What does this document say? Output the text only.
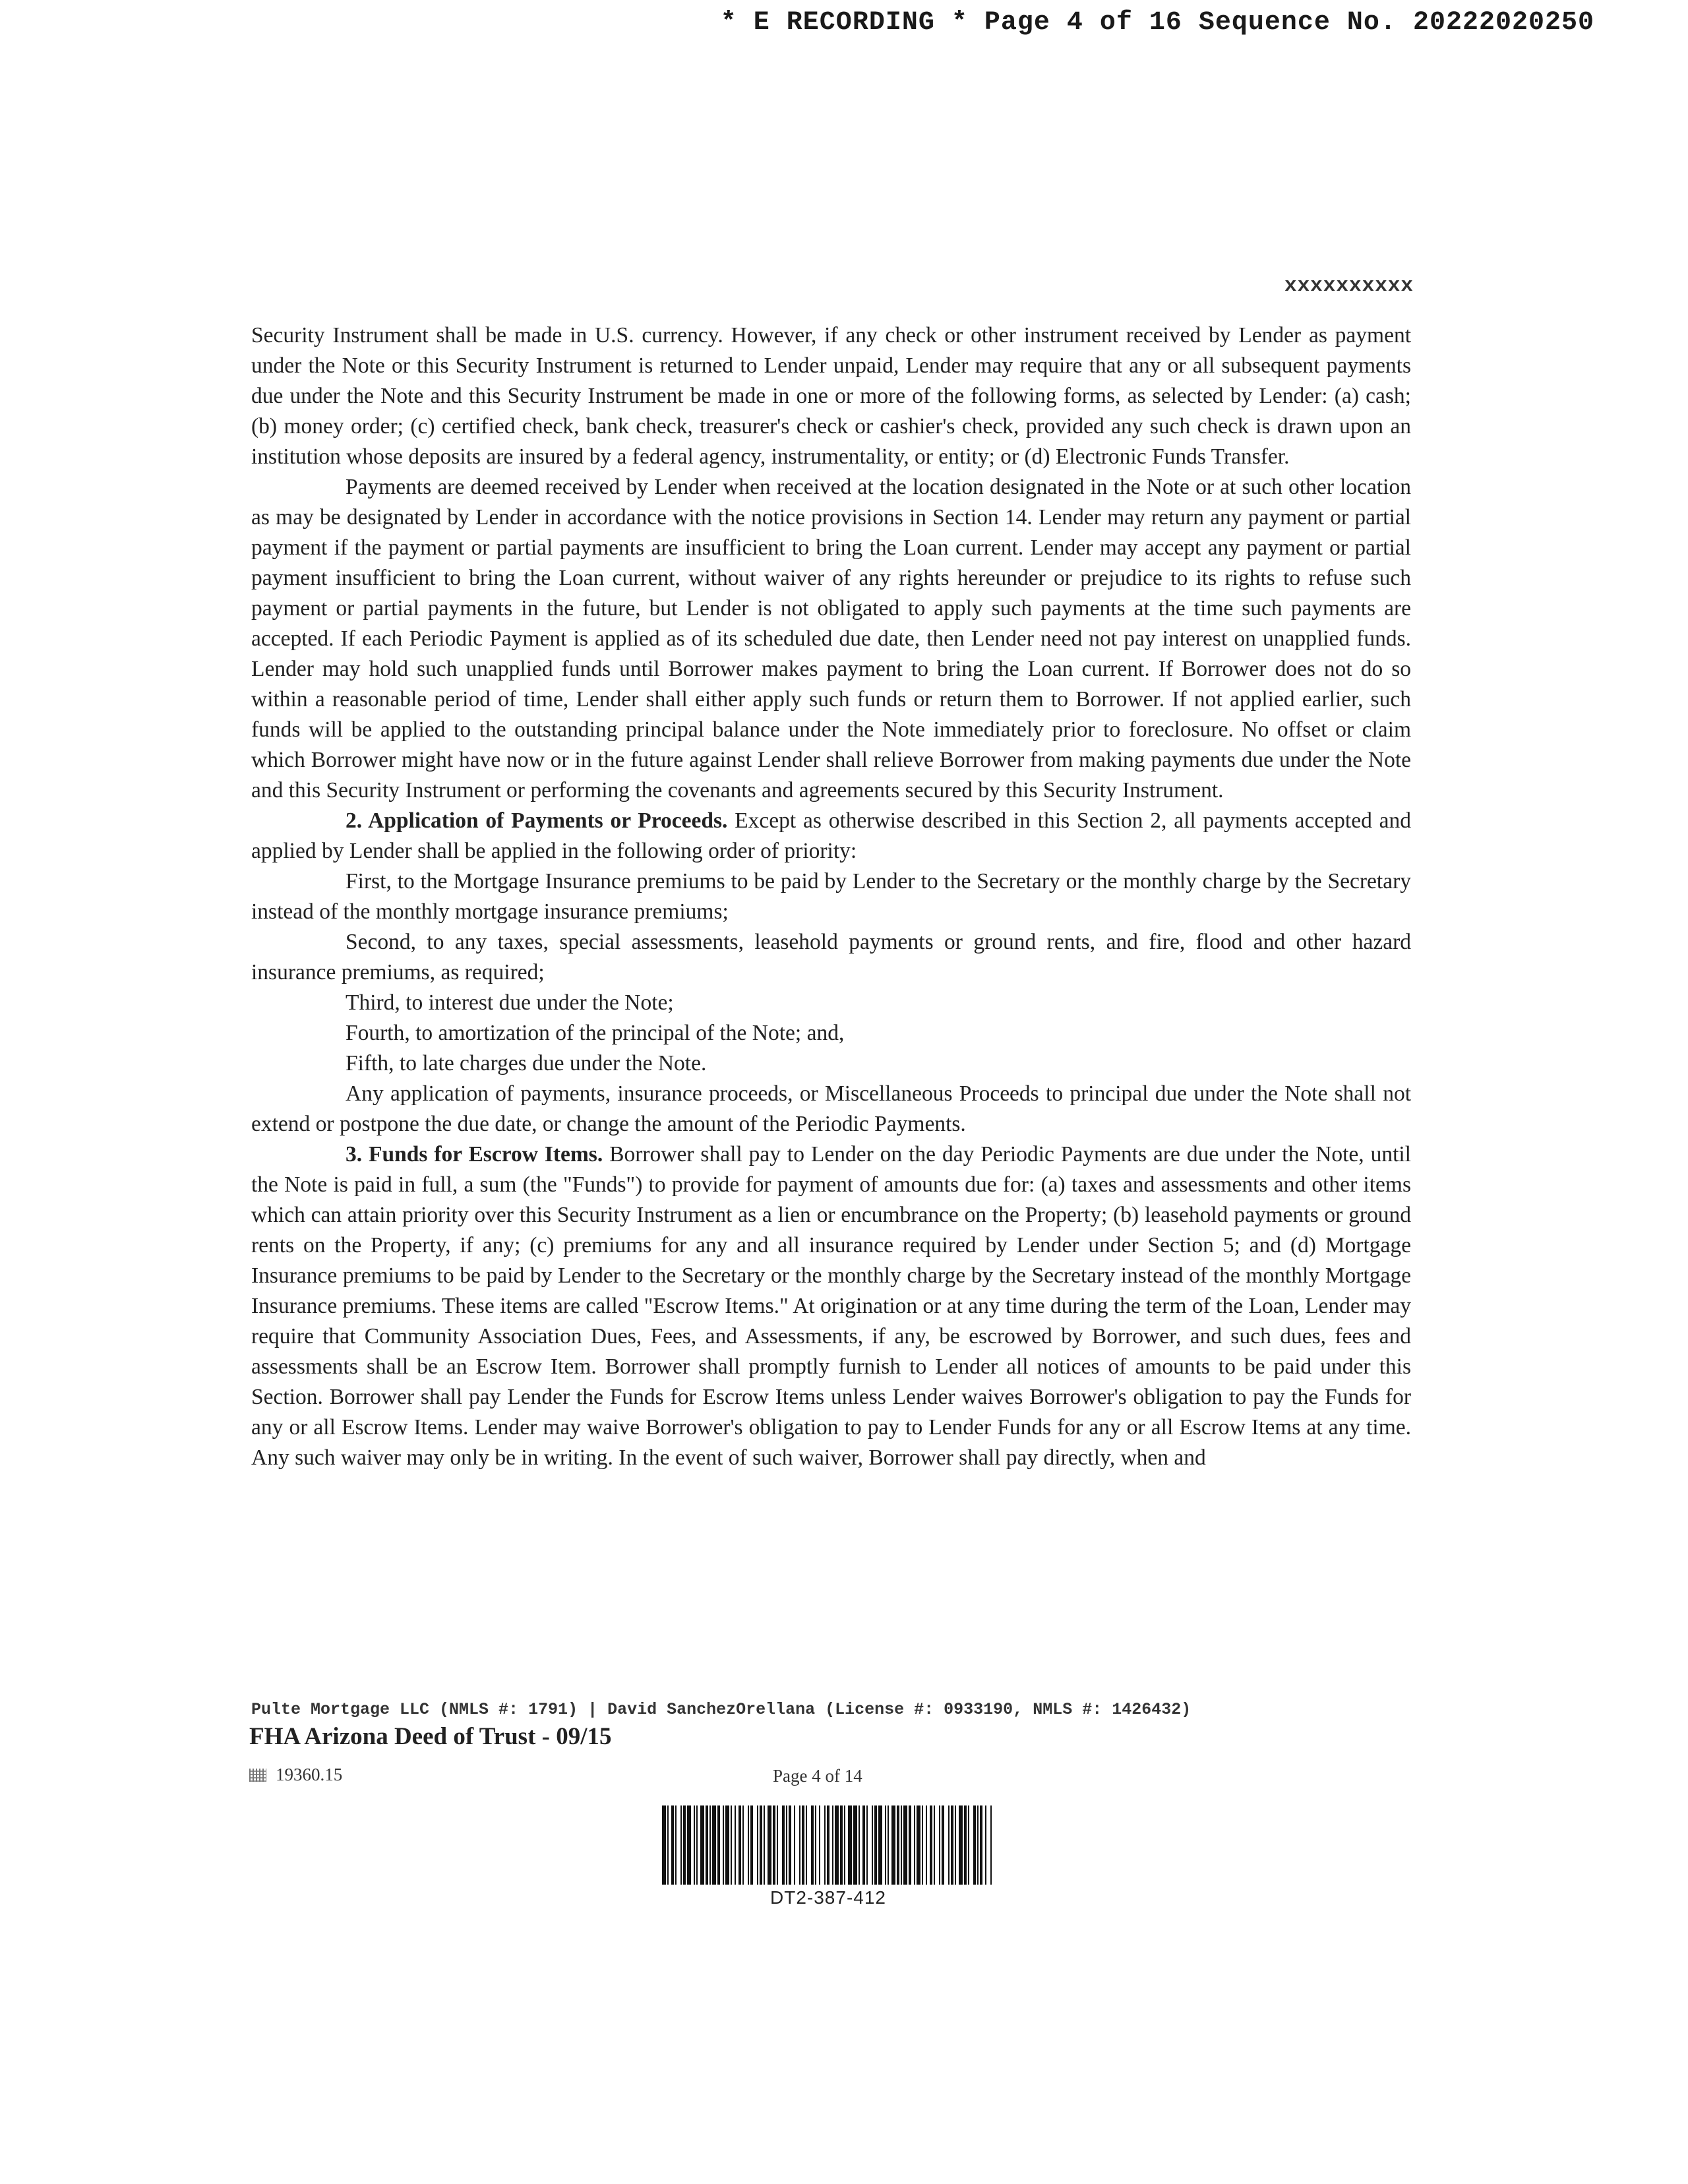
* E RECORDING * Page 4 of 16 Sequence No. 20222020250
xxxxxxxxxx

Security Instrument shall be made in U.S. currency. However, if any check or other instrument received by Lender as payment under the Note or this Security Instrument is returned to Lender unpaid, Lender may require that any or all subsequent payments due under the Note and this Security Instrument be made in one or more of the following forms, as selected by Lender: (a) cash; (b) money order; (c) certified check, bank check, treasurer's check or cashier's check, provided any such check is drawn upon an institution whose deposits are insured by a federal agency, instrumentality, or entity; or (d) Electronic Funds Transfer.

Payments are deemed received by Lender when received at the location designated in the Note or at such other location as may be designated by Lender in accordance with the notice provisions in Section 14. Lender may return any payment or partial payment if the payment or partial payments are insufficient to bring the Loan current. Lender may accept any payment or partial payment insufficient to bring the Loan current, without waiver of any rights hereunder or prejudice to its rights to refuse such payment or partial payments in the future, but Lender is not obligated to apply such payments at the time such payments are accepted. If each Periodic Payment is applied as of its scheduled due date, then Lender need not pay interest on unapplied funds. Lender may hold such unapplied funds until Borrower makes payment to bring the Loan current. If Borrower does not do so within a reasonable period of time, Lender shall either apply such funds or return them to Borrower. If not applied earlier, such funds will be applied to the outstanding principal balance under the Note immediately prior to foreclosure. No offset or claim which Borrower might have now or in the future against Lender shall relieve Borrower from making payments due under the Note and this Security Instrument or performing the covenants and agreements secured by this Security Instrument.

2. Application of Payments or Proceeds. Except as otherwise described in this Section 2, all payments accepted and applied by Lender shall be applied in the following order of priority:

First, to the Mortgage Insurance premiums to be paid by Lender to the Secretary or the monthly charge by the Secretary instead of the monthly mortgage insurance premiums;

Second, to any taxes, special assessments, leasehold payments or ground rents, and fire, flood and other hazard insurance premiums, as required;

Third, to interest due under the Note;

Fourth, to amortization of the principal of the Note; and,

Fifth, to late charges due under the Note.

Any application of payments, insurance proceeds, or Miscellaneous Proceeds to principal due under the Note shall not extend or postpone the due date, or change the amount of the Periodic Payments.

3. Funds for Escrow Items. Borrower shall pay to Lender on the day Periodic Payments are due under the Note, until the Note is paid in full, a sum (the "Funds") to provide for payment of amounts due for: (a) taxes and assessments and other items which can attain priority over this Security Instrument as a lien or encumbrance on the Property; (b) leasehold payments or ground rents on the Property, if any; (c) premiums for any and all insurance required by Lender under Section 5; and (d) Mortgage Insurance premiums to be paid by Lender to the Secretary or the monthly charge by the Secretary instead of the monthly Mortgage Insurance premiums. These items are called "Escrow Items." At origination or at any time during the term of the Loan, Lender may require that Community Association Dues, Fees, and Assessments, if any, be escrowed by Borrower, and such dues, fees and assessments shall be an Escrow Item. Borrower shall promptly furnish to Lender all notices of amounts to be paid under this Section. Borrower shall pay Lender the Funds for Escrow Items unless Lender waives Borrower's obligation to pay the Funds for any or all Escrow Items. Lender may waive Borrower's obligation to pay to Lender Funds for any or all Escrow Items at any time. Any such waiver may only be in writing. In the event of such waiver, Borrower shall pay directly, when and

Pulte Mortgage LLC (NMLS #: 1791) | David SanchezOrellana (License #: 0933190, NMLS #: 1426432)
FHA Arizona Deed of Trust - 09/15
19360.15	Page 4 of 14
DT2-387-412
